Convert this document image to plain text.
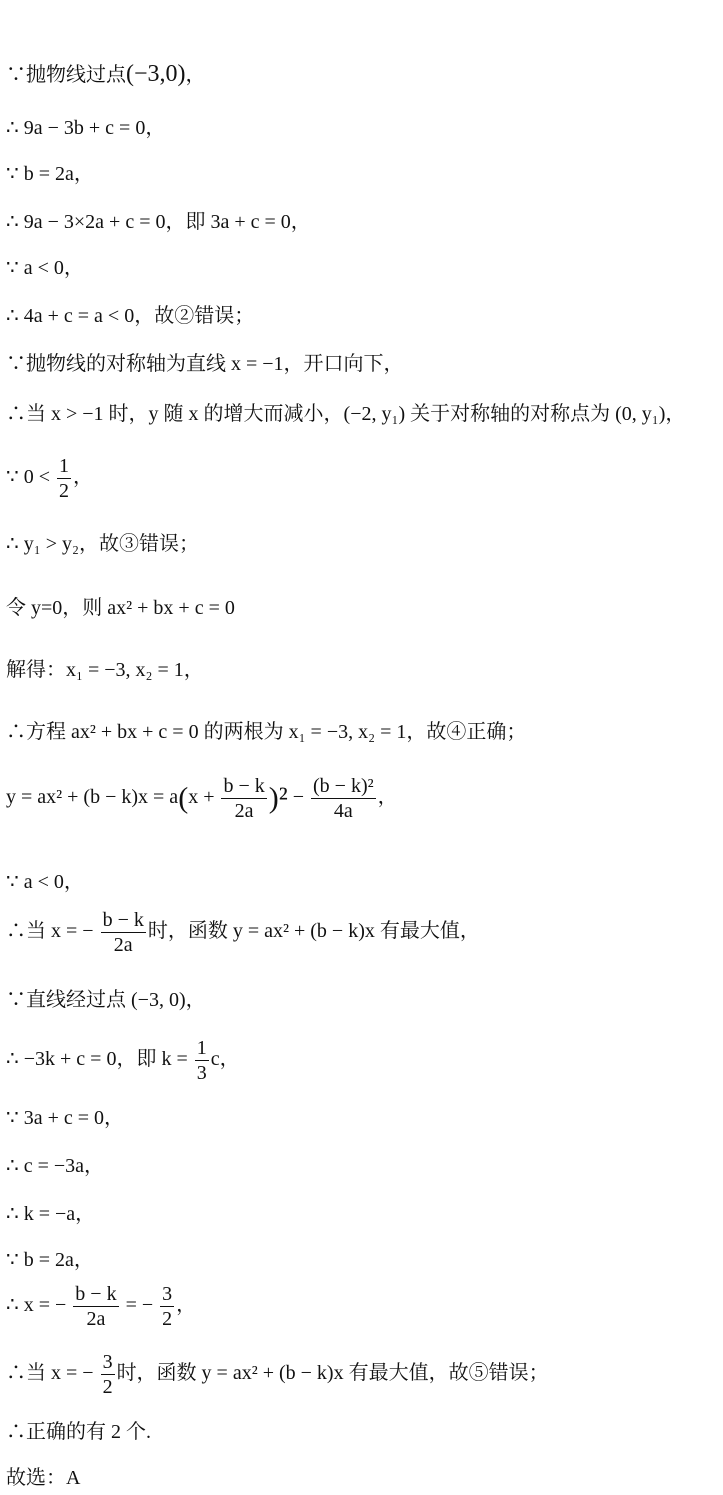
∵抛物线过点(−3,0)，
∴ 9a − 3b + c = 0，
∵ b = 2a，
∴ 9a − 3×2a + c = 0，即 3a + c = 0，
∵ a < 0，
∴ 4a + c = a < 0，故②错误；
∵抛物线的对称轴为直线 x = −1，开口向下，
∴当 x > −1 时，y 随 x 的增大而减小，(−2, y₁) 关于对称轴的对称点为 (0, y₁)，
∵ $0 < \frac{1}{2}$ ，
∴ y₁ > y₂，故③错误；
令 y=0，则 ax² + bx + c = 0
解得：x₁ = −3, x₂ = 1，
∴方程 ax² + bx + c = 0 的两根为 x₁ = −3, x₂ = 1，故④正确；
$y = ax^2 + (b - k)x = a(x + \frac{b - k}{2a} )^2 - \frac{\text{(b − k)²}}{4a}$ ，
∵ a < 0，
∴当 x = − $\frac{b - k}{2a}$ 时，函数 y = ax² + (b − k)x 有最大值，
∵直线经过点 (−3, 0)，
∴ −3k + c = 0，即 $k = \frac{1}{3}$ c，
∵ 3a + c = 0，
∴ c = −3a，
∴ k = −a，
∵ b = 2a，
∴ x = − $\frac{b - k}{2a}$ = − $\frac{3}{2}$ ，
∴当 x = − $\frac{3}{2}$ 时，函数 y = ax² + (b − k)x 有最大值，故⑤错误；
∴正确的有 2 个.
故选：A
